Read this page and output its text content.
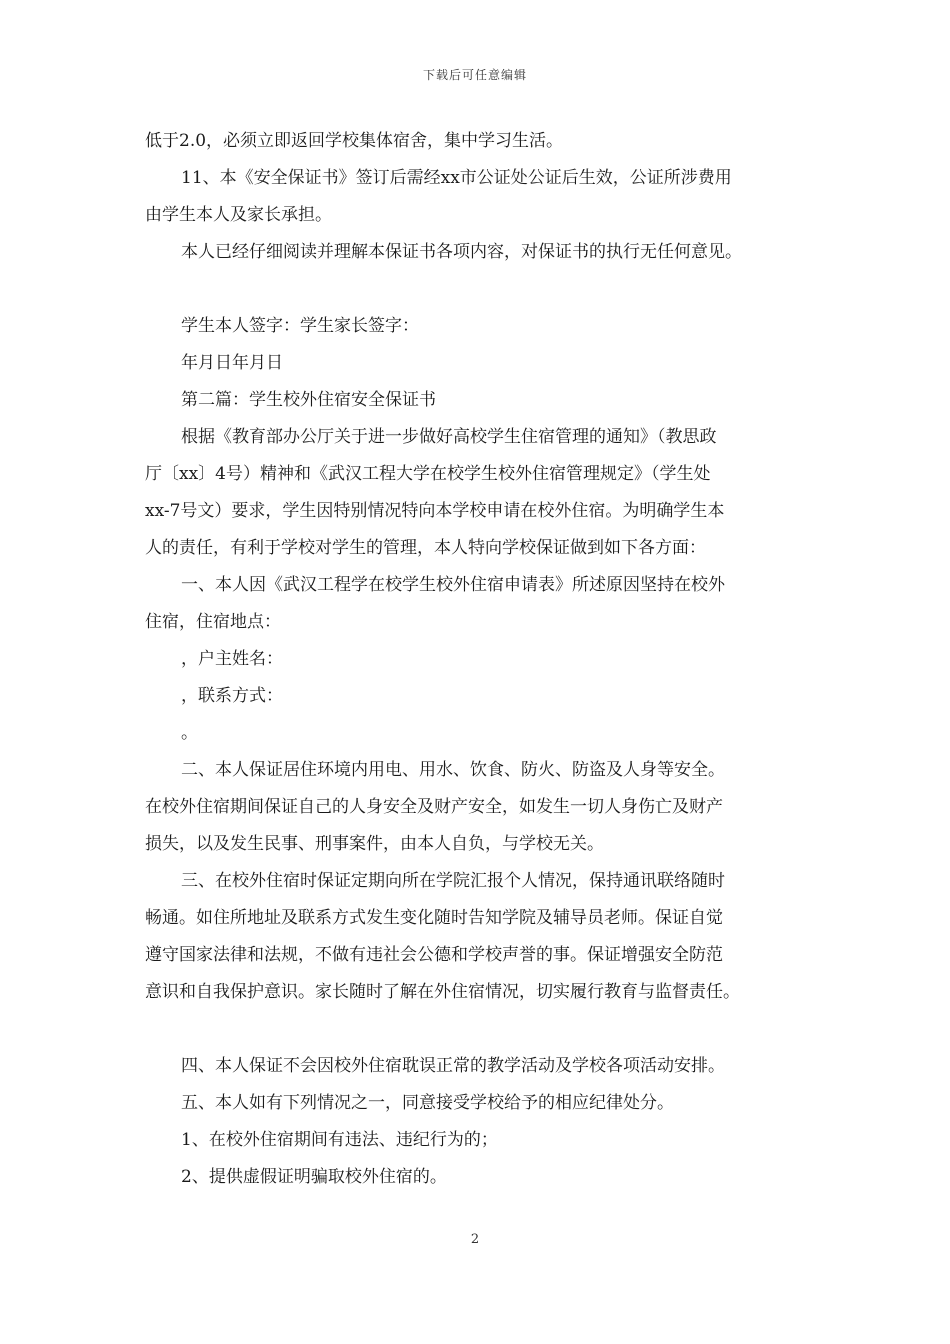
下载后可任意编辑

低于2.0，必须立即返回学校集体宿舍，集中学习生活。

11、本《安全保证书》签订后需经xx市公证处公证后生效，公证所涉费用

由学生本人及家长承担。

本人已经仔细阅读并理解本保证书各项内容，对保证书的执行无任何意见。

学生本人签字：学生家长签字：

年月日年月日

第二篇：学生校外住宿安全保证书

根据《教育部办公厅关于进一步做好高校学生住宿管理的通知》（教思政

厅〔xx〕4号）精神和《武汉工程大学在校学生校外住宿管理规定》（学生处

xx-7号文）要求，学生因特别情况特向本学校申请在校外住宿。为明确学生本

人的责任，有利于学校对学生的管理，本人特向学校保证做到如下各方面：

一、本人因《武汉工程学在校学生校外住宿申请表》所述原因坚持在校外

住宿，住宿地点：

，户主姓名：

，联系方式：

。

二、本人保证居住环境内用电、用水、饮食、防火、防盗及人身等安全。

在校外住宿期间保证自己的人身安全及财产安全，如发生一切人身伤亡及财产

损失，以及发生民事、刑事案件，由本人自负，与学校无关。

三、在校外住宿时保证定期向所在学院汇报个人情况，保持通讯联络随时

畅通。如住所地址及联系方式发生变化随时告知学院及辅导员老师。保证自觉

遵守国家法律和法规，不做有违社会公德和学校声誉的事。保证增强安全防范

意识和自我保护意识。家长随时了解在外住宿情况，切实履行教育与监督责任。

四、本人保证不会因校外住宿耽误正常的教学活动及学校各项活动安排。

五、本人如有下列情况之一，同意接受学校给予的相应纪律处分。

1、在校外住宿期间有违法、违纪行为的；

2、提供虚假证明骗取校外住宿的。

2
